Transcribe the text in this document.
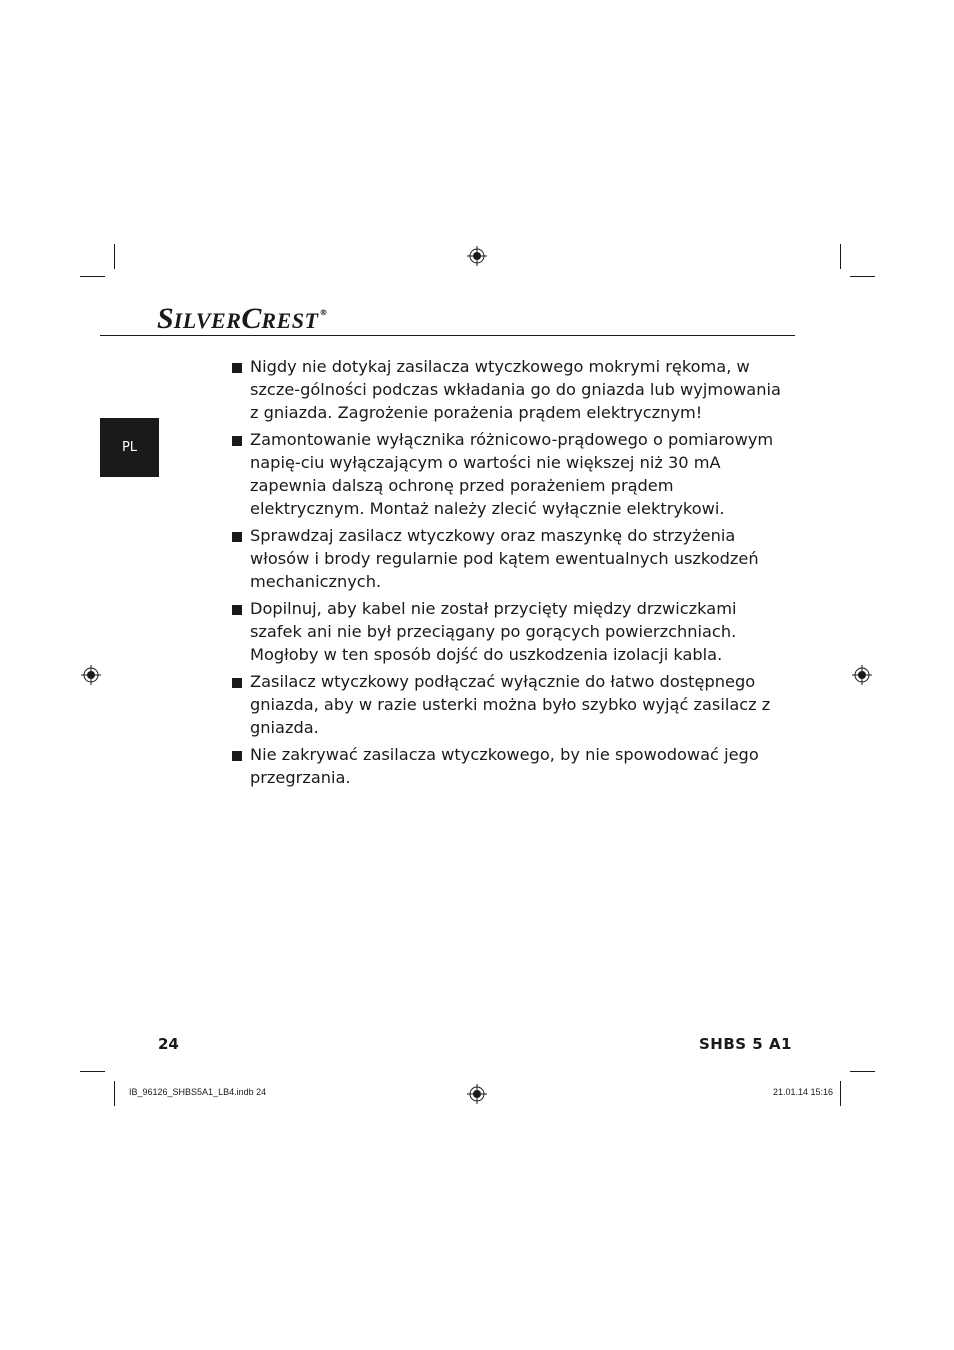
SILVERCREST®
PL
Nigdy nie dotykaj zasilacza wtyczkowego mokrymi rękoma, w szcze-gólności podczas wkładania go do gniazda lub wyjmowania z gniazda. Zagrożenie porażenia prądem elektrycznym!
Zamontowanie wyłącznika różnicowo-prądowego o pomiarowym napię-ciu wyłączającym o wartości nie większej niż 30 mA zapewnia dalszą ochronę przed porażeniem prądem elektrycznym. Montaż należy zlecić wyłącznie elektrykowi.
Sprawdzaj zasilacz wtyczkowy oraz maszynkę do strzyżenia włosów i brody regularnie pod kątem ewentualnych uszkodzeń mechanicznych.
Dopilnuj, aby kabel nie został przycięty między drzwiczkami szafek ani nie był przeciągany po gorących powierzchniach. Mogłoby w ten sposób dojść do uszkodzenia izolacji kabla.
Zasilacz wtyczkowy podłączać wyłącznie do łatwo dostępnego gniazda, aby w razie usterki można było szybko wyjąć zasilacz z gniazda.
Nie zakrywać zasilacza wtyczkowego, by nie spowodować jego przegrzania.
24	SHBS 5 A1
IB_96126_SHBS5A1_LB4.indb 24	21.01.14 15:16
